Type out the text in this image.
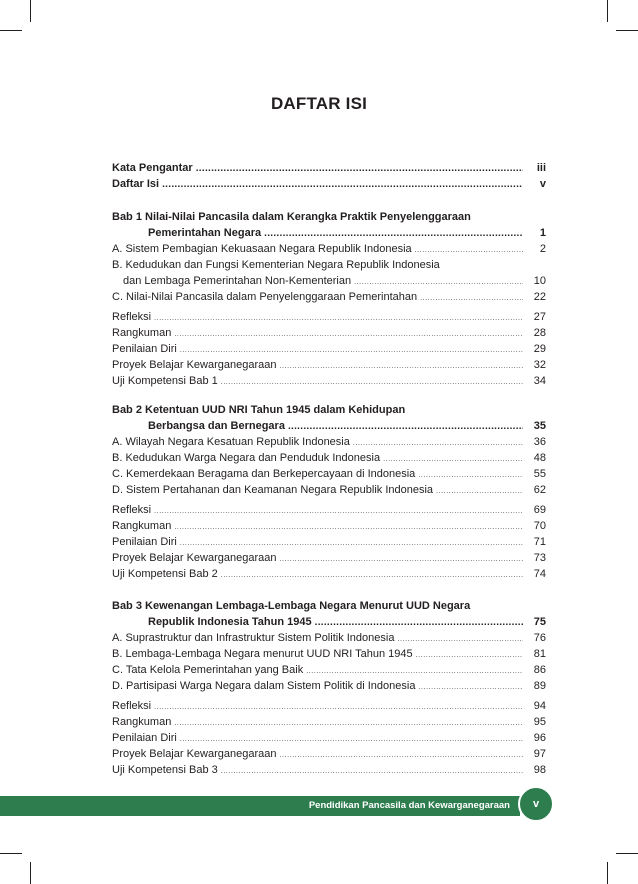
DAFTAR ISI
Kata Pengantar .....	iii
Daftar Isi .....	v
Bab 1 Nilai-Nilai Pancasila dalam Kerangka Praktik Penyelenggaraan
Pemerintahan Negara .....	1
A. Sistem Pembagian Kekuasaan Negara Republik Indonesia .....	2
B. Kedudukan dan Fungsi Kementerian Negara Republik Indonesia
dan Lembaga Pemerintahan Non-Kementerian .....	10
C. Nilai-Nilai Pancasila dalam Penyelenggaraan Pemerintahan .....	22
Refleksi .....	27
Rangkuman .....	28
Penilaian Diri .....	29
Proyek Belajar Kewarganegaraan .....	32
Uji Kompetensi Bab 1 .....	34
Bab 2 Ketentuan UUD NRI Tahun 1945 dalam Kehidupan
Berbangsa dan Bernegara .....	35
A. Wilayah Negara Kesatuan Republik Indonesia .....	36
B. Kedudukan Warga Negara dan Penduduk Indonesia .....	48
C. Kemerdekaan Beragama dan Berkepercayaan di Indonesia .....	55
D. Sistem Pertahanan dan Keamanan Negara Republik Indonesia .....	62
Refleksi .....	69
Rangkuman .....	70
Penilaian Diri .....	71
Proyek Belajar Kewarganegaraan .....	73
Uji Kompetensi Bab 2 .....	74
Bab 3 Kewenangan Lembaga-Lembaga Negara Menurut UUD Negara
Republik Indonesia Tahun 1945 .....	75
A. Suprastruktur dan Infrastruktur Sistem Politik Indonesia .....	76
B. Lembaga-Lembaga Negara menurut UUD NRI Tahun 1945 .....	81
C. Tata Kelola Pemerintahan yang Baik .....	86
D. Partisipasi Warga Negara dalam Sistem Politik di Indonesia .....	89
Refleksi .....	94
Rangkuman .....	95
Penilaian Diri .....	96
Proyek Belajar Kewarganegaraan .....	97
Uji Kompetensi Bab 3 .....	98
Pendidikan Pancasila dan Kewarganegaraan	v
